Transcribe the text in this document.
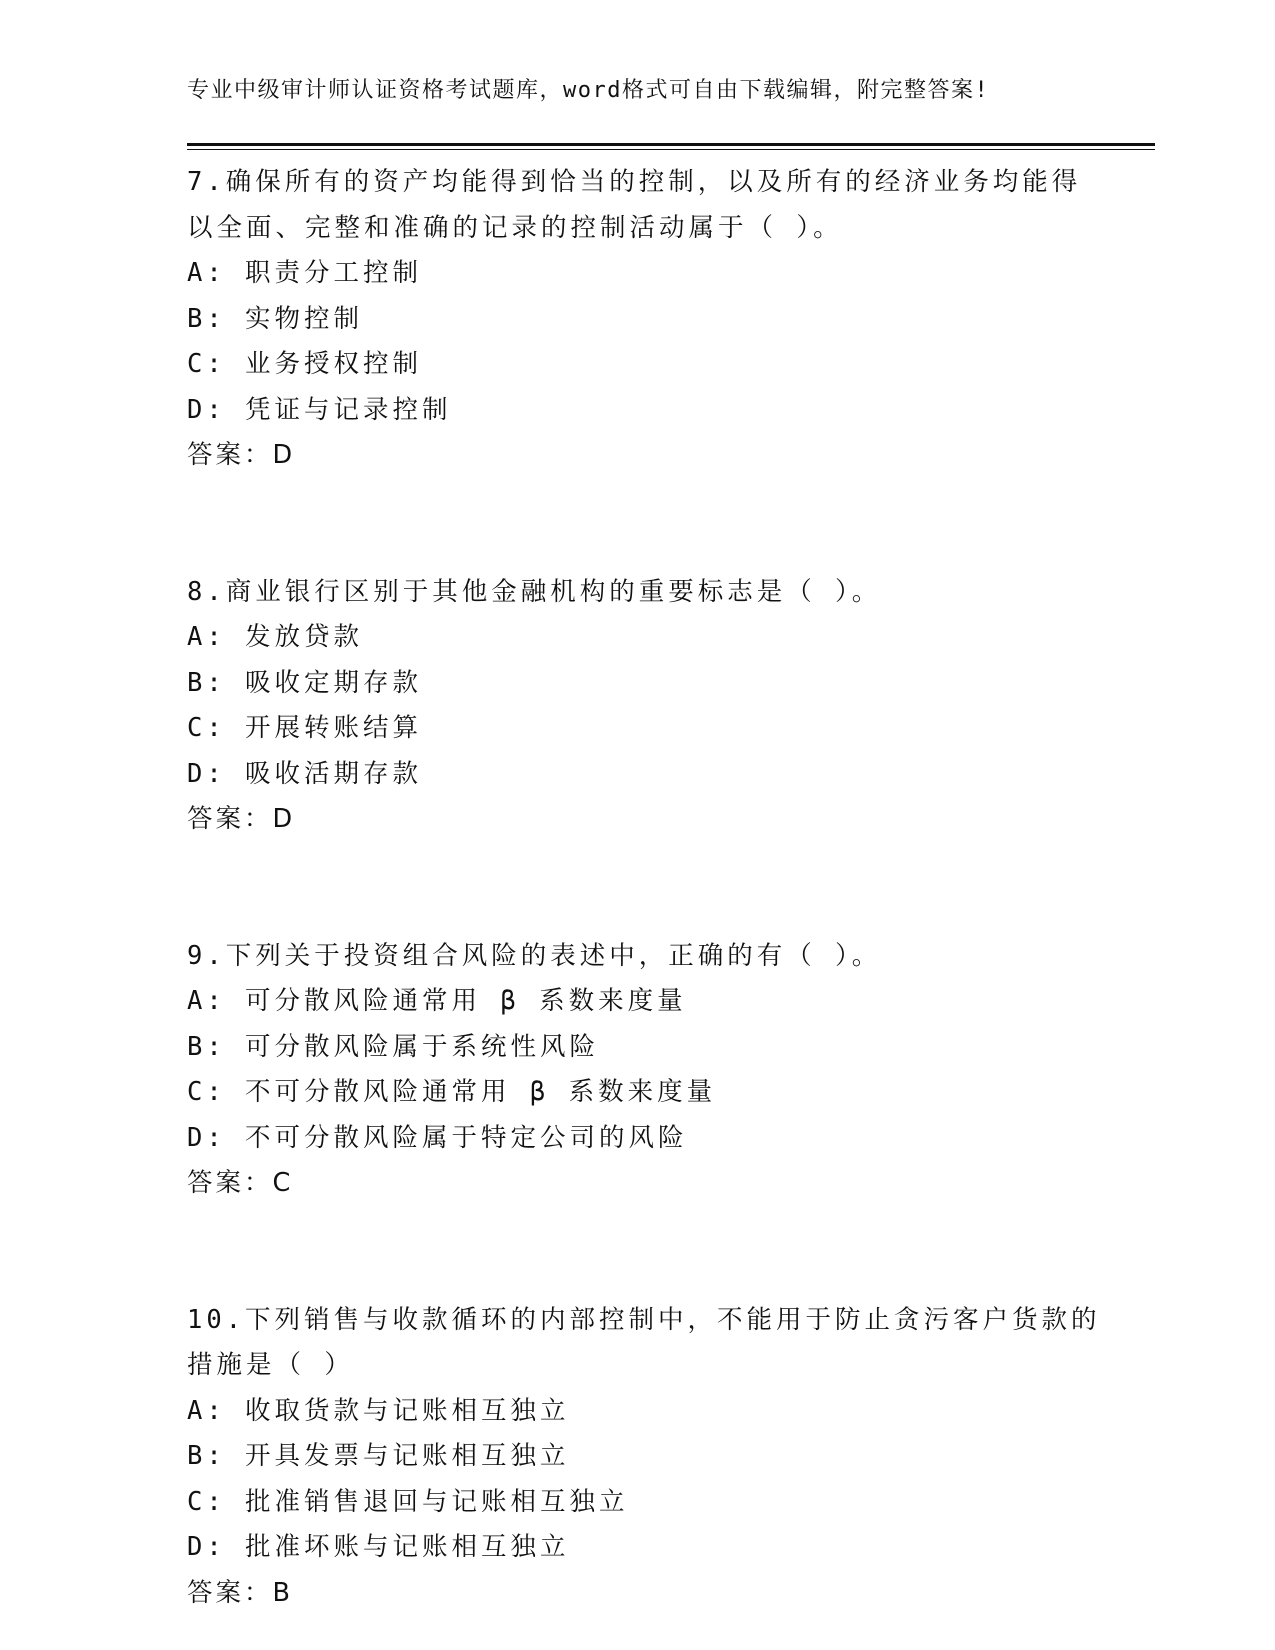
专业中级审计师认证资格考试题库，word格式可自由下载编辑，附完整答案!
7.确保所有的资产均能得到恰当的控制，以及所有的经济业务均能得
以全面、完整和准确的记录的控制活动属于（ ）。
A: 职责分工控制
B: 实物控制
C: 业务授权控制
D: 凭证与记录控制
答案：D
8.商业银行区别于其他金融机构的重要标志是（ ）。
A: 发放贷款
B: 吸收定期存款
C: 开展转账结算
D: 吸收活期存款
答案：D
9.下列关于投资组合风险的表述中，正确的有（ ）。
A: 可分散风险通常用 β 系数来度量
B: 可分散风险属于系统性风险
C: 不可分散风险通常用 β 系数来度量
D: 不可分散风险属于特定公司的风险
答案：C
10.下列销售与收款循环的内部控制中，不能用于防止贪污客户货款的
措施是（ ）
A: 收取货款与记账相互独立
B: 开具发票与记账相互独立
C: 批准销售退回与记账相互独立
D: 批准坏账与记账相互独立
答案：B
